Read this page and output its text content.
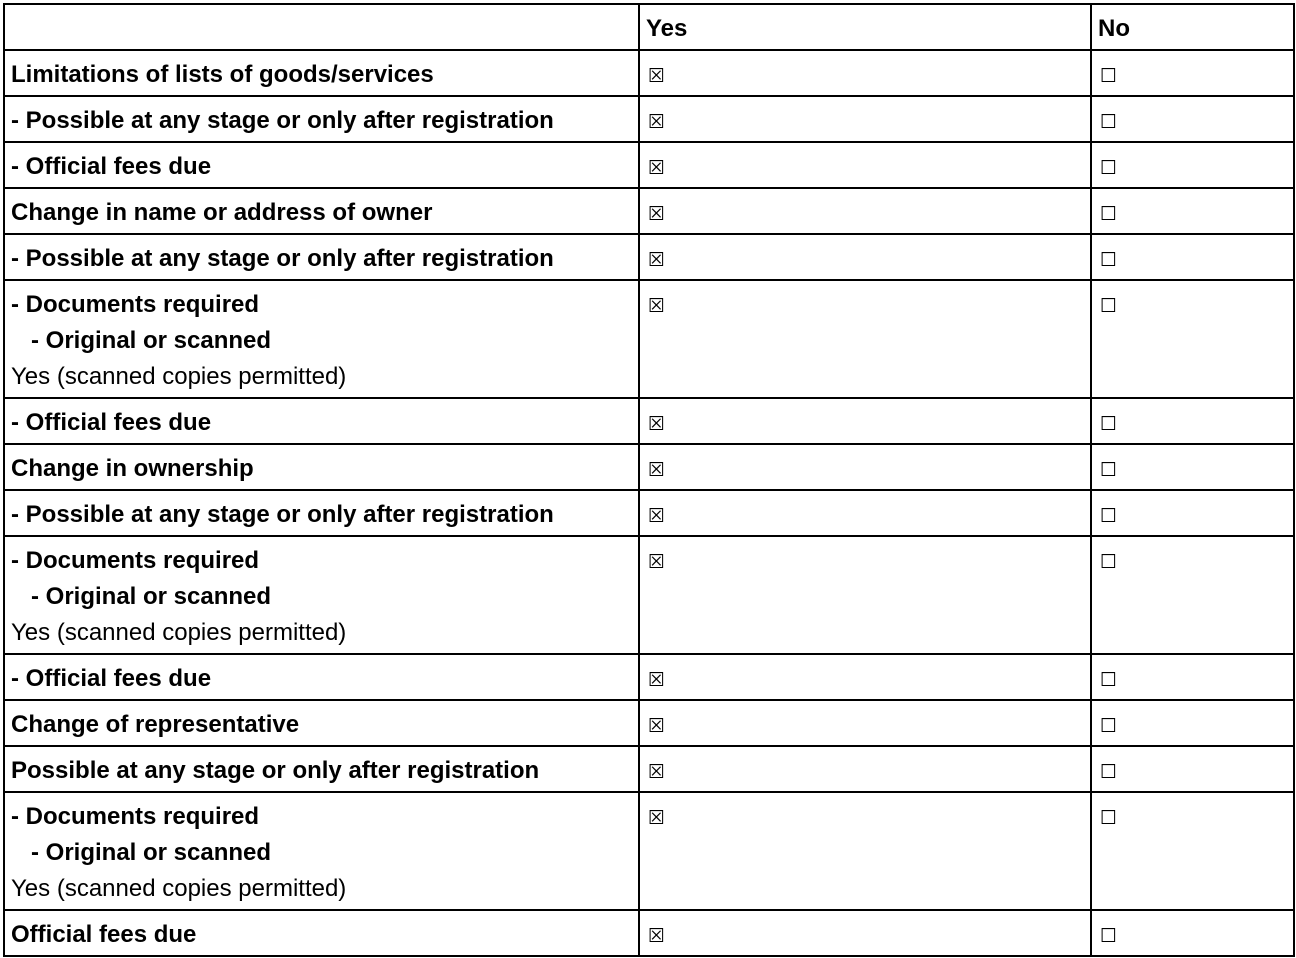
	Yes	No

Limitations of lists of goods/services	☒	☐

- Possible at any stage or only after registration	☒	☐

- Official fees due	☒	☐

Change in name or address of owner	☒	☐

- Possible at any stage or only after registration	☒	☐

- Documents required
- Original or scanned
Yes (scanned copies permitted)	☒	☐

- Official fees due	☒	☐

Change in ownership	☒	☐

- Possible at any stage or only after registration	☒	☐

- Documents required
- Original or scanned
Yes (scanned copies permitted)	☒	☐

- Official fees due	☒	☐

Change of representative	☒	☐

Possible at any stage or only after registration	☒	☐

- Documents required
- Original or scanned
Yes (scanned copies permitted)	☒	☐

Official fees due	☒	☐
